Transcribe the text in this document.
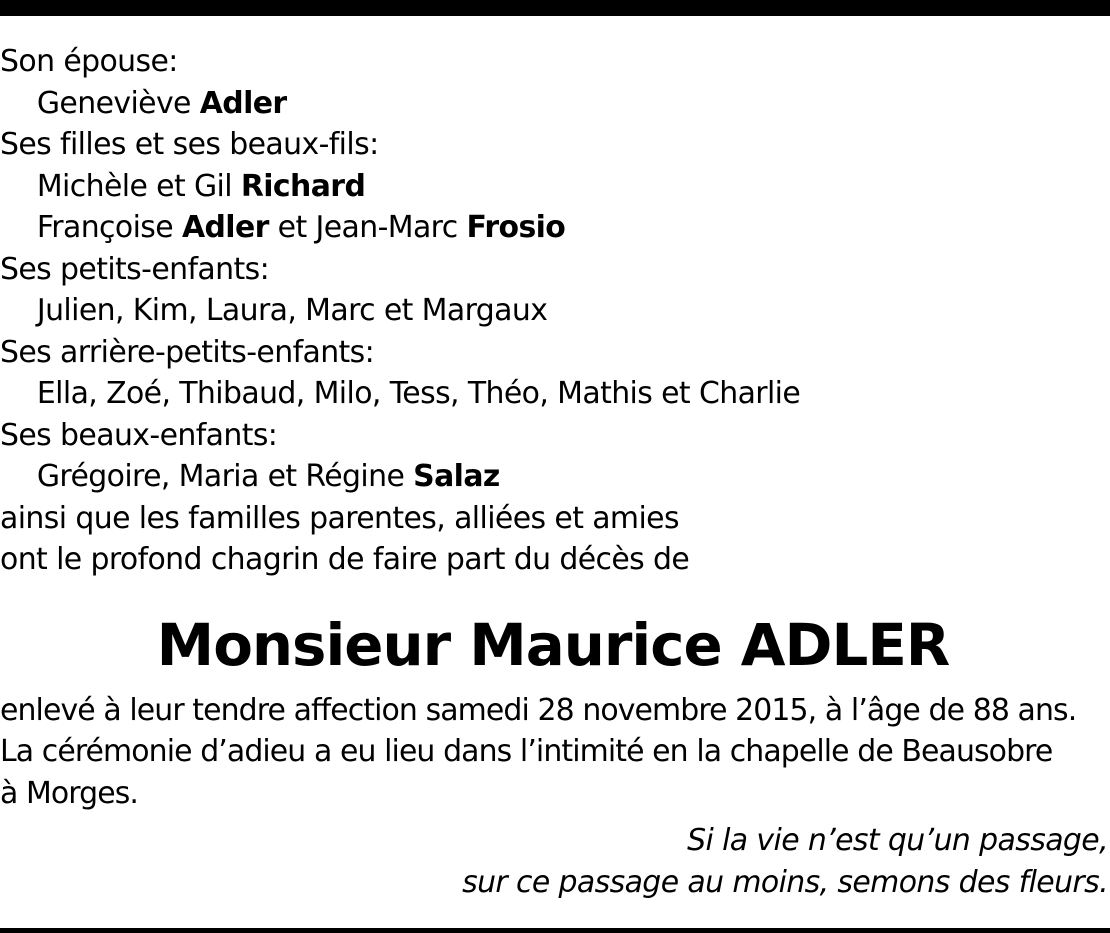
Son épouse:
Geneviève Adler
Ses filles et ses beaux-fils:
Michèle et Gil Richard
Françoise Adler et Jean-Marc Frosio
Ses petits-enfants:
Julien, Kim, Laura, Marc et Margaux
Ses arrière-petits-enfants:
Ella, Zoé, Thibaud, Milo, Tess, Théo, Mathis et Charlie
Ses beaux-enfants:
Grégoire, Maria et Régine Salaz
ainsi que les familles parentes, alliées et amies
ont le profond chagrin de faire part du décès de
Monsieur Maurice ADLER
enlevé à leur tendre affection samedi 28 novembre 2015, à l’âge de 88 ans.
La cérémonie d’adieu a eu lieu dans l’intimité en la chapelle de Beausobre
à Morges.
Si la vie n’est qu’un passage,
sur ce passage au moins, semons des fleurs.
